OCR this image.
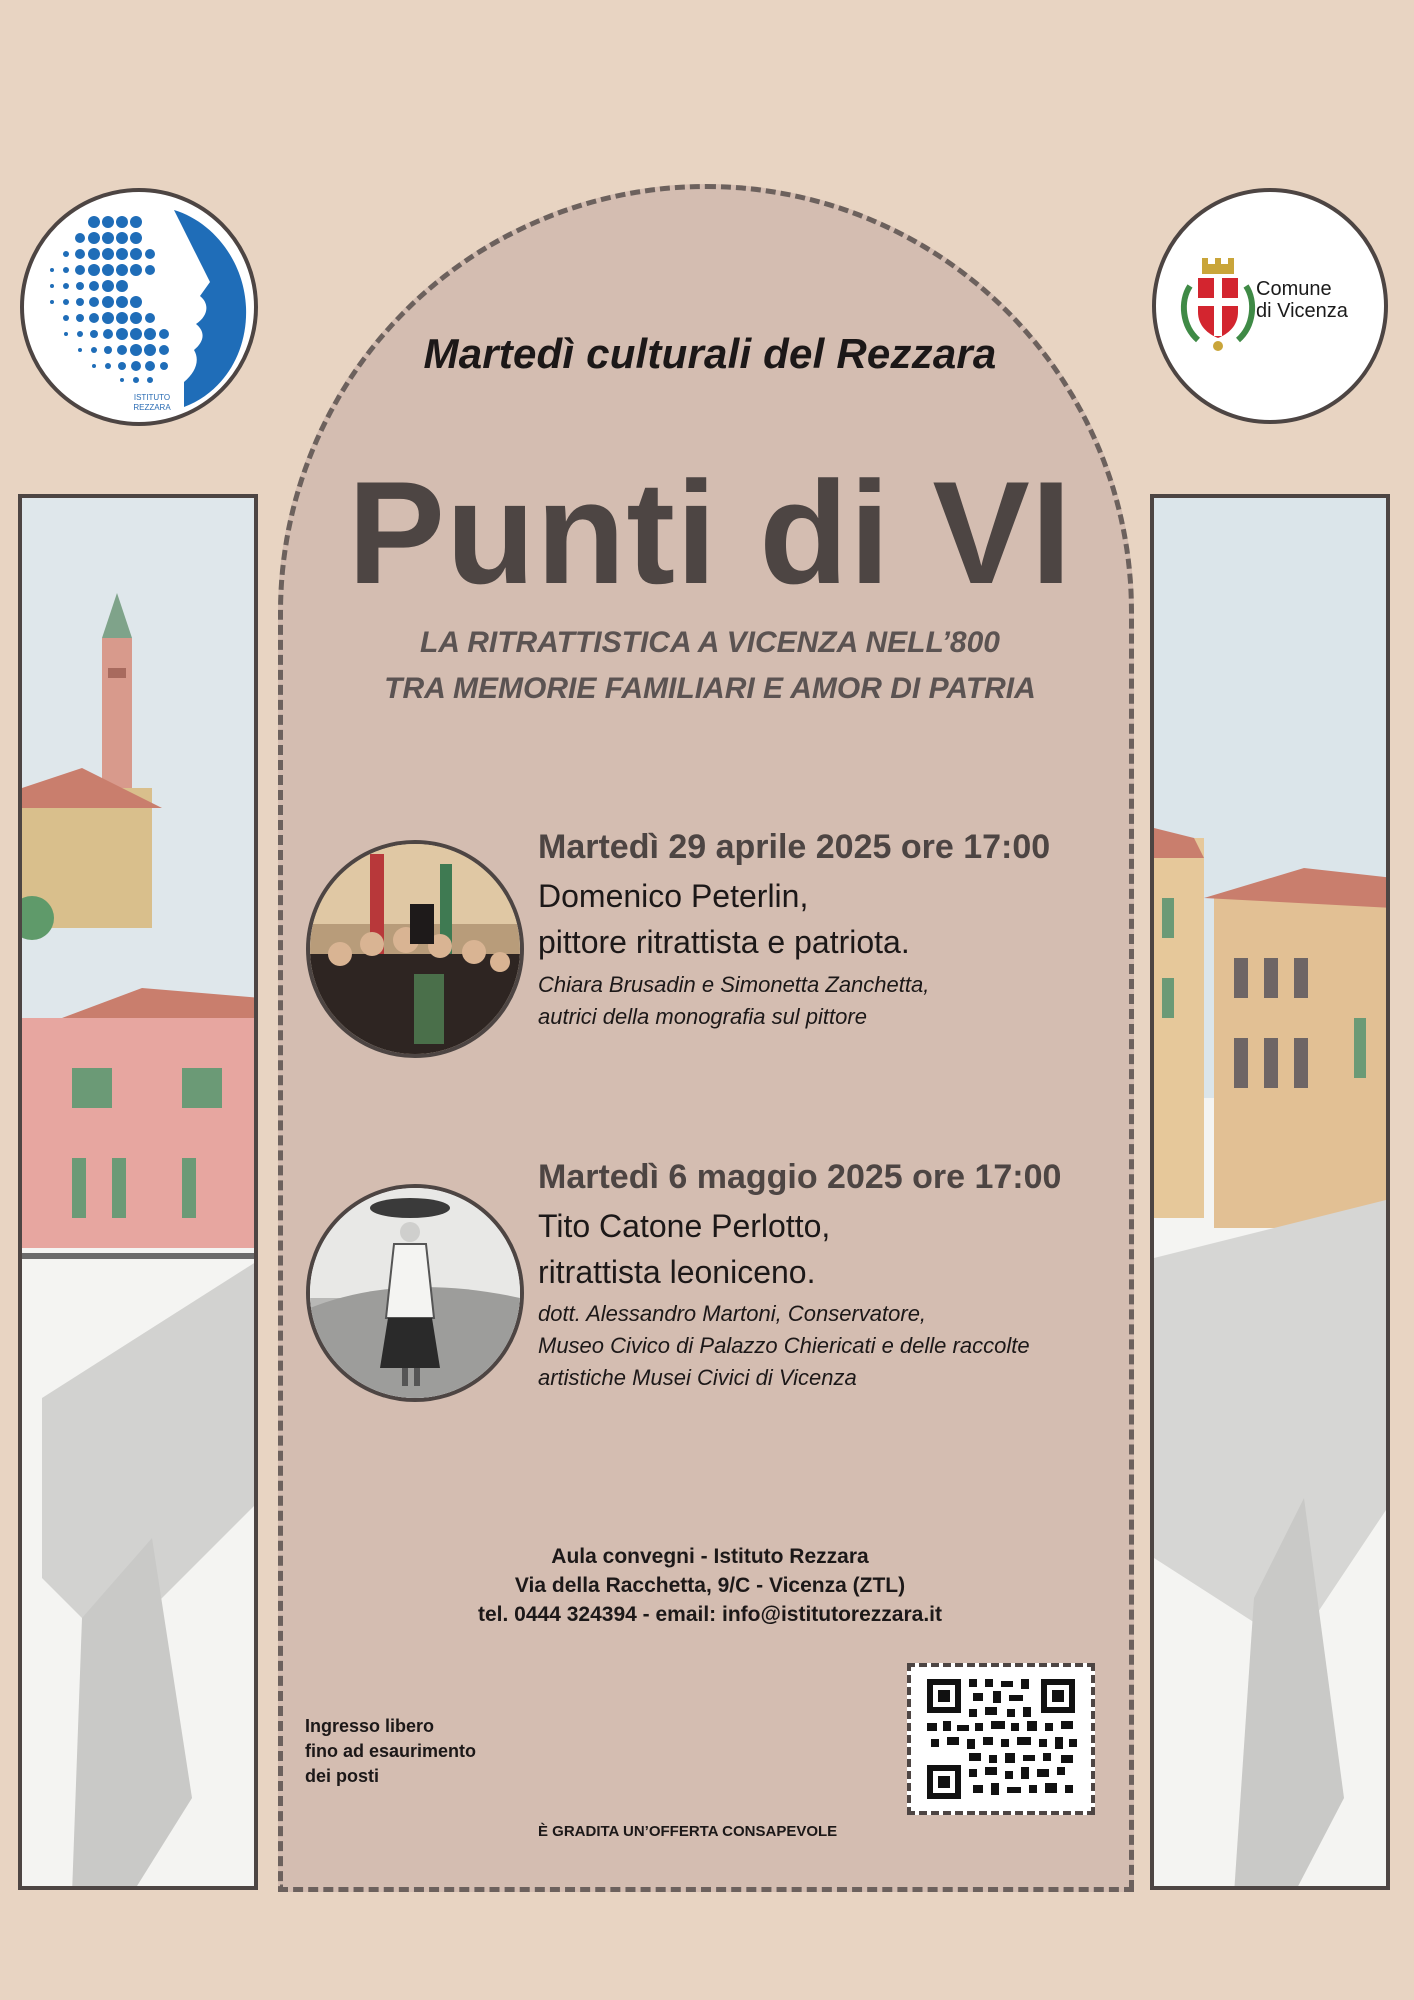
ISTITUTO
REZZARA
Comune
di Vicenza
Martedì culturali del Rezzara
Punti di VI
LA RITRATTISTICA A VICENZA NELL’800
TRA MEMORIE FAMILIARI E AMOR DI PATRIA
Martedì 29 aprile 2025 ore 17:00
Domenico Peterlin,
pittore ritrattista e patriota.
Chiara Brusadin e Simonetta Zanchetta,
autrici della monografia sul pittore
Martedì 6 maggio 2025 ore 17:00
Tito Catone Perlotto,
ritrattista leoniceno.
dott. Alessandro Martoni, Conservatore,
Museo Civico di Palazzo Chiericati e delle raccolte
artistiche Musei Civici di Vicenza
Aula convegni - Istituto Rezzara
Via della Racchetta, 9/C - Vicenza (ZTL)
tel. 0444 324394 - email: info@istitutorezzara.it
Ingresso libero
fino ad esaurimento
dei posti
È GRADITA UN’OFFERTA CONSAPEVOLE
